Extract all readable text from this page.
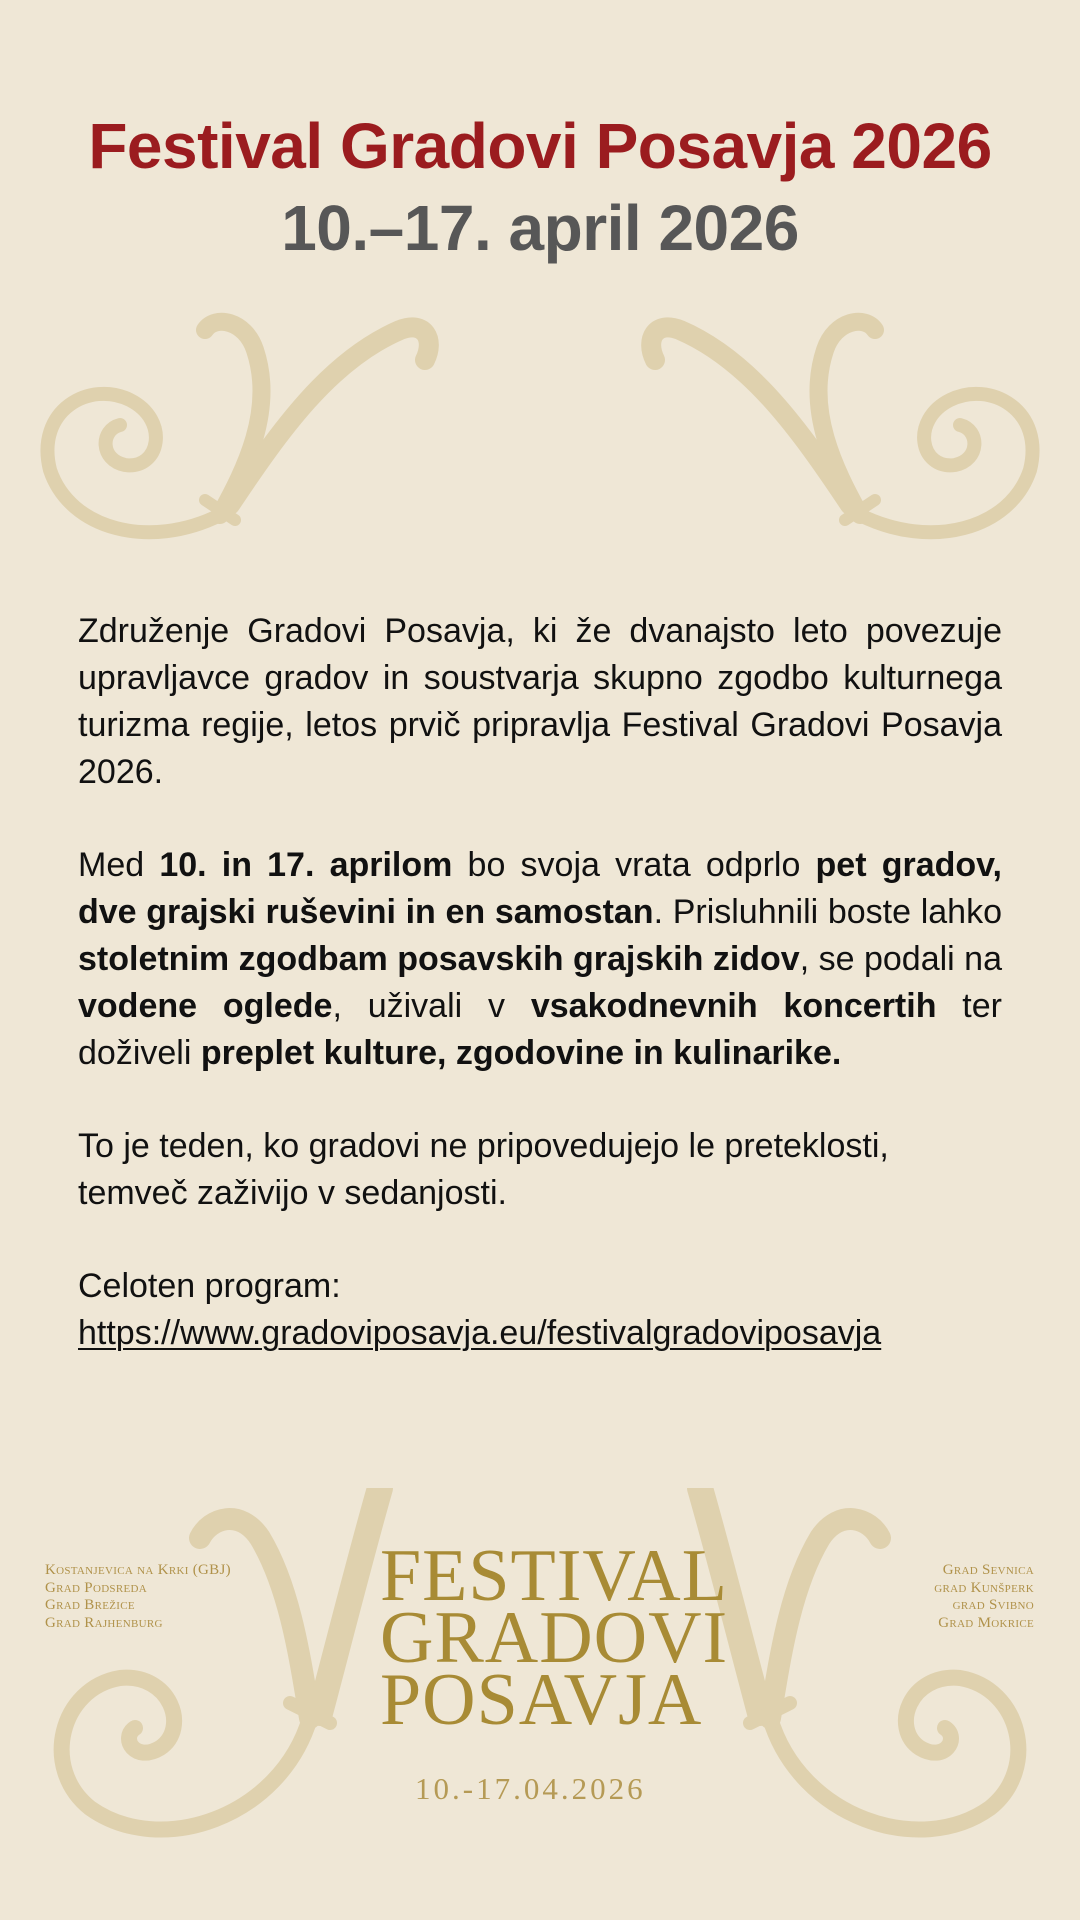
Festival Gradovi Posavja 2026
10.–17. april 2026

Združenje Gradovi Posavja, ki že dvanajsto leto povezuje upravljavce gradov in soustvarja skupno zgodbo kulturnega turizma regije, letos prvič pripravlja Festival Gradovi Posavja 2026.

Med 10. in 17. aprilom bo svoja vrata odprlo pet gradov, dve grajski ruševini in en samostan. Prisluhnili boste lahko stoletnim zgodbam posavskih grajskih zidov, se podali na vodene oglede, uživali v vsakodnevnih koncertih ter doživeli preplet kulture, zgodovine in kulinarike.

To je teden, ko gradovi ne pripovedujejo le preteklosti, temveč zaživijo v sedanjosti.

Celoten program:
https://www.gradoviposavja.eu/festivalgradoviposavja

Kostanjevica na Krki (GBJ)
Grad Podsreda
Grad Brežice
Grad Rajhenburg
Grad Sevnica
grad Kunšperk
grad Svibno
Grad Mokrice
FESTIVAL
GRADOVI
POSAVJA
10.-17.04.2026
